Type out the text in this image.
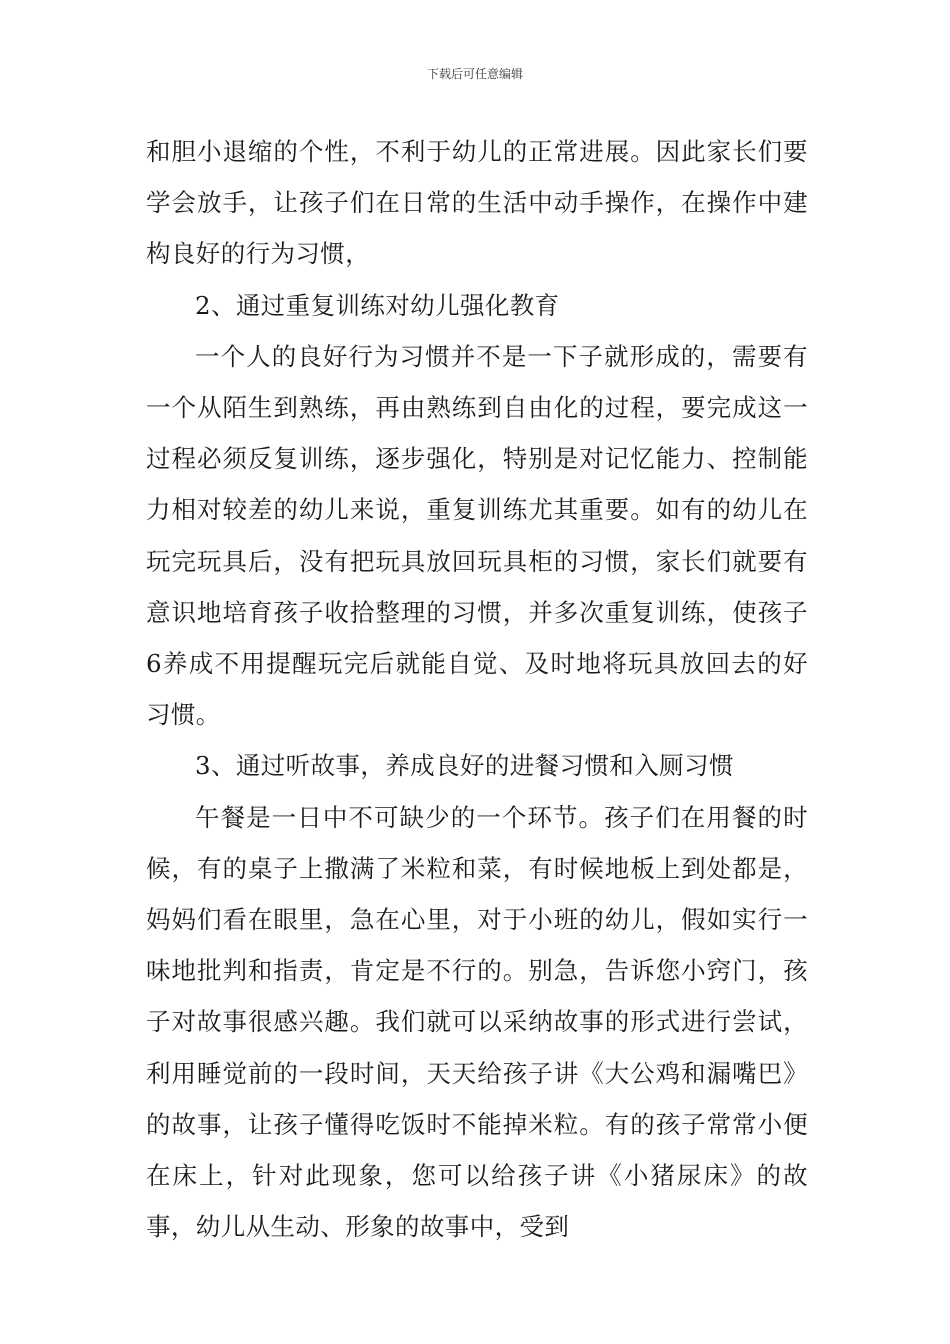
下载后可任意编辑

和胆小退缩的个性，不利于幼儿的正常进展。因此家长们要学会放手，让孩子们在日常的生活中动手操作，在操作中建构良好的行为习惯，

2、通过重复训练对幼儿强化教育

一个人的良好行为习惯并不是一下子就形成的，需要有一个从陌生到熟练，再由熟练到自由化的过程，要完成这一过程必须反复训练，逐步强化，特别是对记忆能力、控制能力相对较差的幼儿来说，重复训练尤其重要。如有的幼儿在玩完玩具后，没有把玩具放回玩具柜的习惯，家长们就要有意识地培育孩子收拾整理的习惯，并多次重复训练，使孩子6养成不用提醒玩完后就能自觉、及时地将玩具放回去的好习惯。

3、通过听故事，养成良好的进餐习惯和入厕习惯

午餐是一日中不可缺少的一个环节。孩子们在用餐的时候，有的桌子上撒满了米粒和菜，有时候地板上到处都是，妈妈们看在眼里，急在心里，对于小班的幼儿，假如实行一味地批判和指责，肯定是不行的。别急，告诉您小窍门，孩子对故事很感兴趣。我们就可以采纳故事的形式进行尝试，利用睡觉前的一段时间，天天给孩子讲《大公鸡和漏嘴巴》的故事，让孩子懂得吃饭时不能掉米粒。有的孩子常常小便在床上，针对此现象，您可以给孩子讲《小猪尿床》的故事，幼儿从生动、形象的故事中，受到
